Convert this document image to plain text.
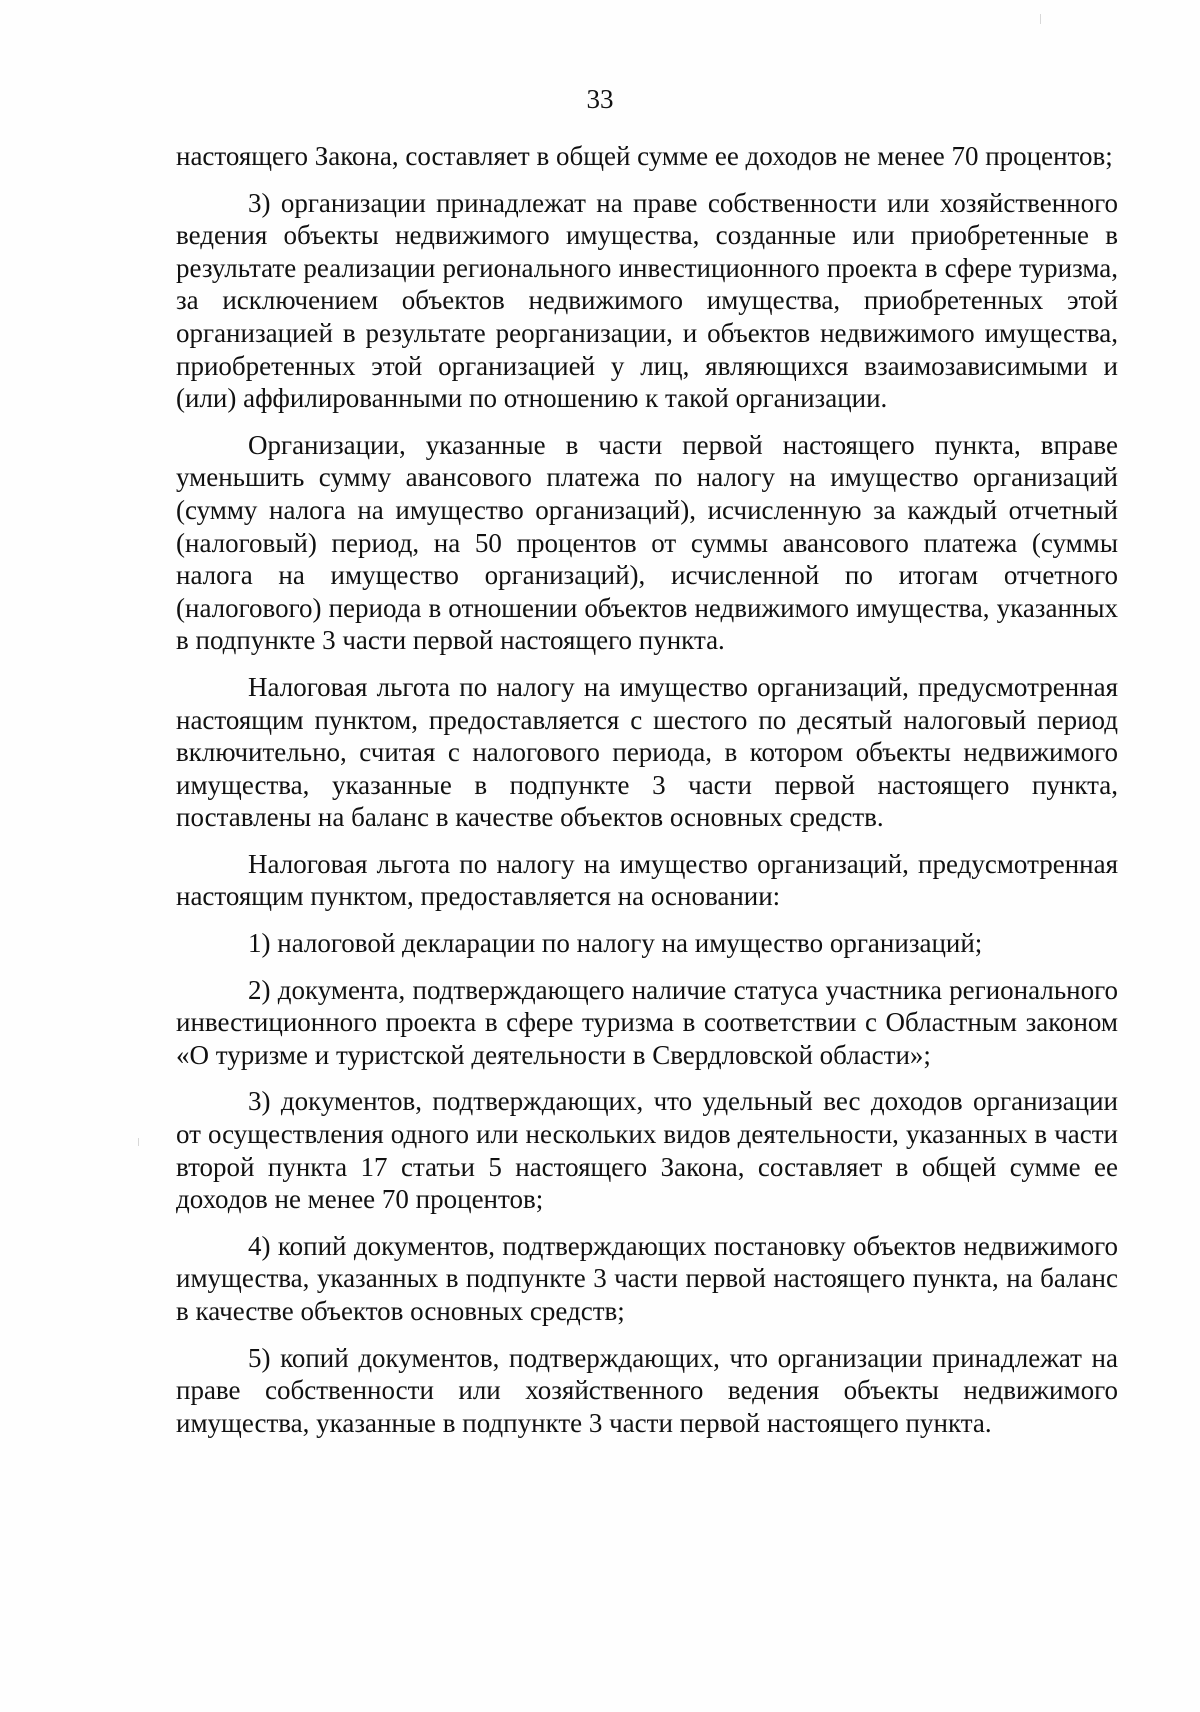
33

настоящего Закона, составляет в общей сумме ее доходов не менее 70 процентов;

3) организации принадлежат на праве собственности или хозяйственного ведения объекты недвижимого имущества, созданные или приобретенные в результате реализации регионального инвестиционного проекта в сфере туризма, за исключением объектов недвижимого имущества, приобретенных этой организацией в результате реорганизации, и объектов недвижимого имущества, приобретенных этой организацией у лиц, являющихся взаимозависимыми и (или) аффилированными по отношению к такой организации.

Организации, указанные в части первой настоящего пункта, вправе уменьшить сумму авансового платежа по налогу на имущество организаций (сумму налога на имущество организаций), исчисленную за каждый отчетный (налоговый) период, на 50 процентов от суммы авансового платежа (суммы налога на имущество организаций), исчисленной по итогам отчетного (налогового) периода в отношении объектов недвижимого имущества, указанных в подпункте 3 части первой настоящего пункта.

Налоговая льгота по налогу на имущество организаций, предусмотренная настоящим пунктом, предоставляется с шестого по десятый налоговый период включительно, считая с налогового периода, в котором объекты недвижимого имущества, указанные в подпункте 3 части первой настоящего пункта, поставлены на баланс в качестве объектов основных средств.

Налоговая льгота по налогу на имущество организаций, предусмотренная настоящим пунктом, предоставляется на основании:

1) налоговой декларации по налогу на имущество организаций;

2) документа, подтверждающего наличие статуса участника регионального инвестиционного проекта в сфере туризма в соответствии с Областным законом «О туризме и туристской деятельности в Свердловской области»;

3) документов, подтверждающих, что удельный вес доходов организации от осуществления одного или нескольких видов деятельности, указанных в части второй пункта 17 статьи 5 настоящего Закона, составляет в общей сумме ее доходов не менее 70 процентов;

4) копий документов, подтверждающих постановку объектов недвижимого имущества, указанных в подпункте 3 части первой настоящего пункта, на баланс в качестве объектов основных средств;

5) копий документов, подтверждающих, что организации принадлежат на праве собственности или хозяйственного ведения объекты недвижимого имущества, указанные в подпункте 3 части первой настоящего пункта.
